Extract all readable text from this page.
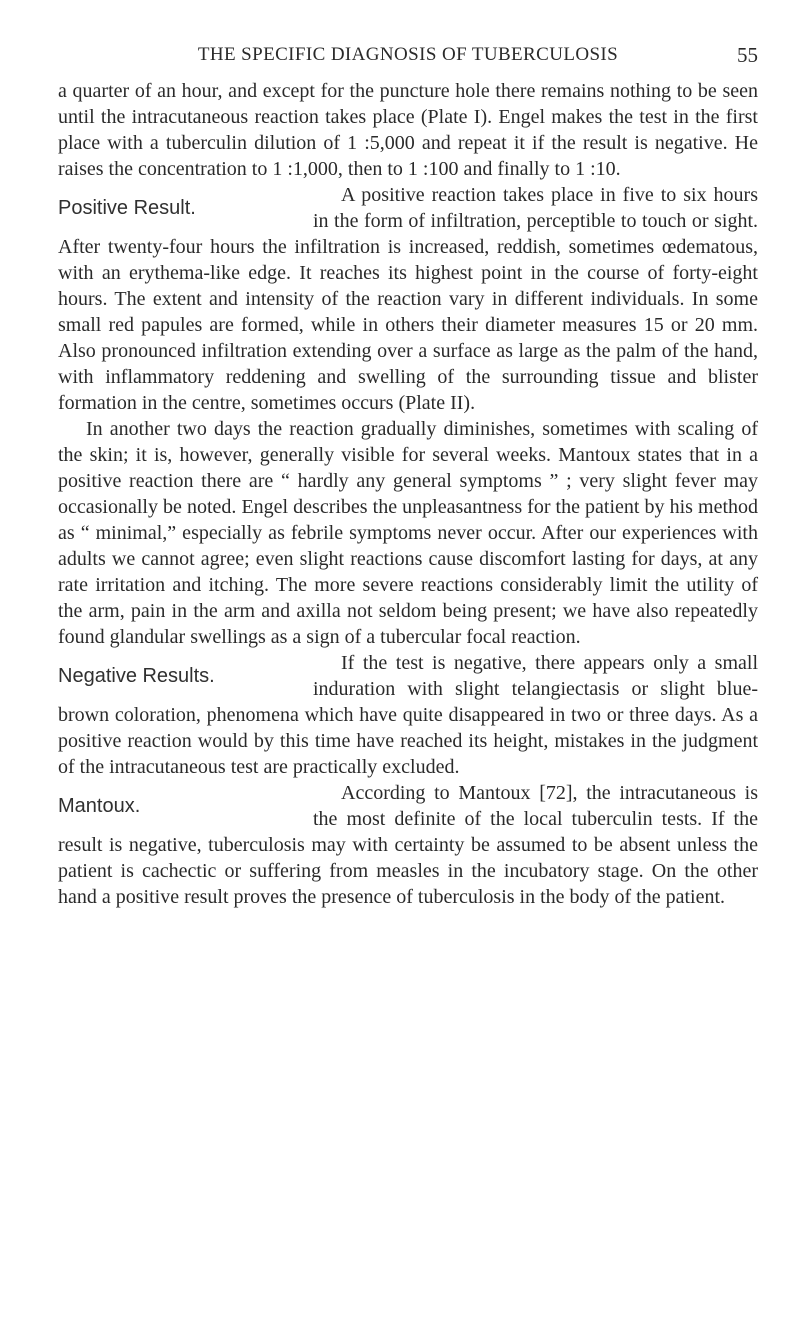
THE SPECIFIC DIAGNOSIS OF TUBERCULOSIS	55

a quarter of an hour, and except for the puncture hole there remains nothing to be seen until the intracutaneous reaction takes place (Plate I). Engel makes the test in the first place with a tuberculin dilution of 1 :5,000 and repeat it if the result is negative. He raises the concentration to 1 :1,000, then to 1 :100 and finally to 1 :10.

Positive Result.

A positive reaction takes place in five to six hours in the form of infiltration, perceptible to touch or sight. After twenty-four hours the infiltration is increased, reddish, sometimes œdematous, with an erythema-like edge. It reaches its highest point in the course of forty-eight hours. The extent and intensity of the reaction vary in different individuals. In some small red papules are formed, while in others their diameter measures 15 or 20 mm. Also pronounced infiltration extending over a surface as large as the palm of the hand, with inflammatory reddening and swelling of the surrounding tissue and blister formation in the centre, sometimes occurs (Plate II).

In another two days the reaction gradually diminishes, sometimes with scaling of the skin; it is, however, generally visible for several weeks. Mantoux states that in a positive reaction there are “ hardly any general symptoms ” ; very slight fever may occasionally be noted. Engel describes the unpleasantness for the patient by his method as “ minimal,” especially as febrile symptoms never occur. After our experiences with adults we cannot agree; even slight reactions cause discomfort lasting for days, at any rate irritation and itching. The more severe reactions considerably limit the utility of the arm, pain in the arm and axilla not seldom being present; we have also repeatedly found glandular swellings as a sign of a tubercular focal reaction.

Negative Results.

If the test is negative, there appears only a small induration with slight telangiectasis or slight blue-brown coloration, phenomena which have quite disappeared in two or three days. As a positive reaction would by this time have reached its height, mistakes in the judgment of the intracutaneous test are practically excluded.

Mantoux.

According to Mantoux [72], the intracutaneous is the most definite of the local tuberculin tests. If the result is negative, tuberculosis may with certainty be assumed to be absent unless the patient is cachectic or suffering from measles in the incubatory stage. On the other hand a positive result proves the presence of tuberculosis in the body of the patient.
